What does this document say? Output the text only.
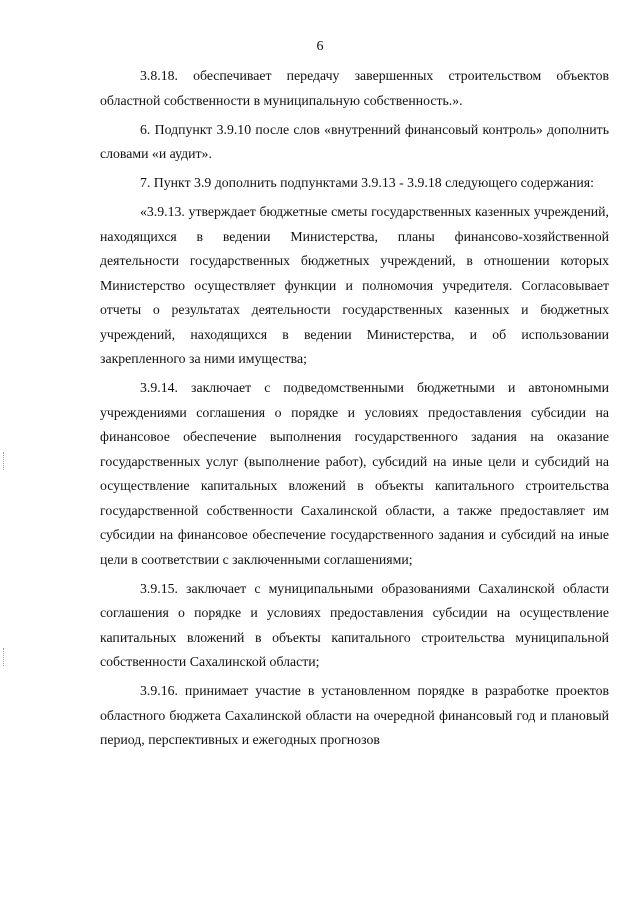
6

3.8.18. обеспечивает передачу завершенных строительством объектов областной собственности в муниципальную собственность.».

6. Подпункт 3.9.10 после слов «внутренний финансовый контроль» дополнить словами «и аудит».

7. Пункт 3.9 дополнить подпунктами 3.9.13 - 3.9.18 следующего содержания:

«3.9.13. утверждает бюджетные сметы государственных казенных учреждений, находящихся в ведении Министерства, планы финансово-хозяйственной деятельности государственных бюджетных учреждений, в отношении которых Министерство осуществляет функции и полномочия учредителя. Согласовывает отчеты о результатах деятельности государственных казенных и бюджетных учреждений, находящихся в ведении Министерства, и об использовании закрепленного за ними имущества;

3.9.14. заключает с подведомственными бюджетными и автономными учреждениями соглашения о порядке и условиях предоставления субсидии на финансовое обеспечение выполнения государственного задания на оказание государственных услуг (выполнение работ), субсидий на иные цели и субсидий на осуществление капитальных вложений в объекты капитального строительства государственной собственности Сахалинской области, а также предоставляет им субсидии на финансовое обеспечение государственного задания и субсидий на иные цели в соответствии с заключенными соглашениями;

3.9.15. заключает с муниципальными образованиями Сахалинской области соглашения о порядке и условиях предоставления субсидии на осуществление капитальных вложений в объекты капитального строительства муниципальной собственности Сахалинской области;

3.9.16. принимает участие в установленном порядке в разработке проектов областного бюджета Сахалинской области на очередной финансовый год и плановый период, перспективных и ежегодных прогнозов
